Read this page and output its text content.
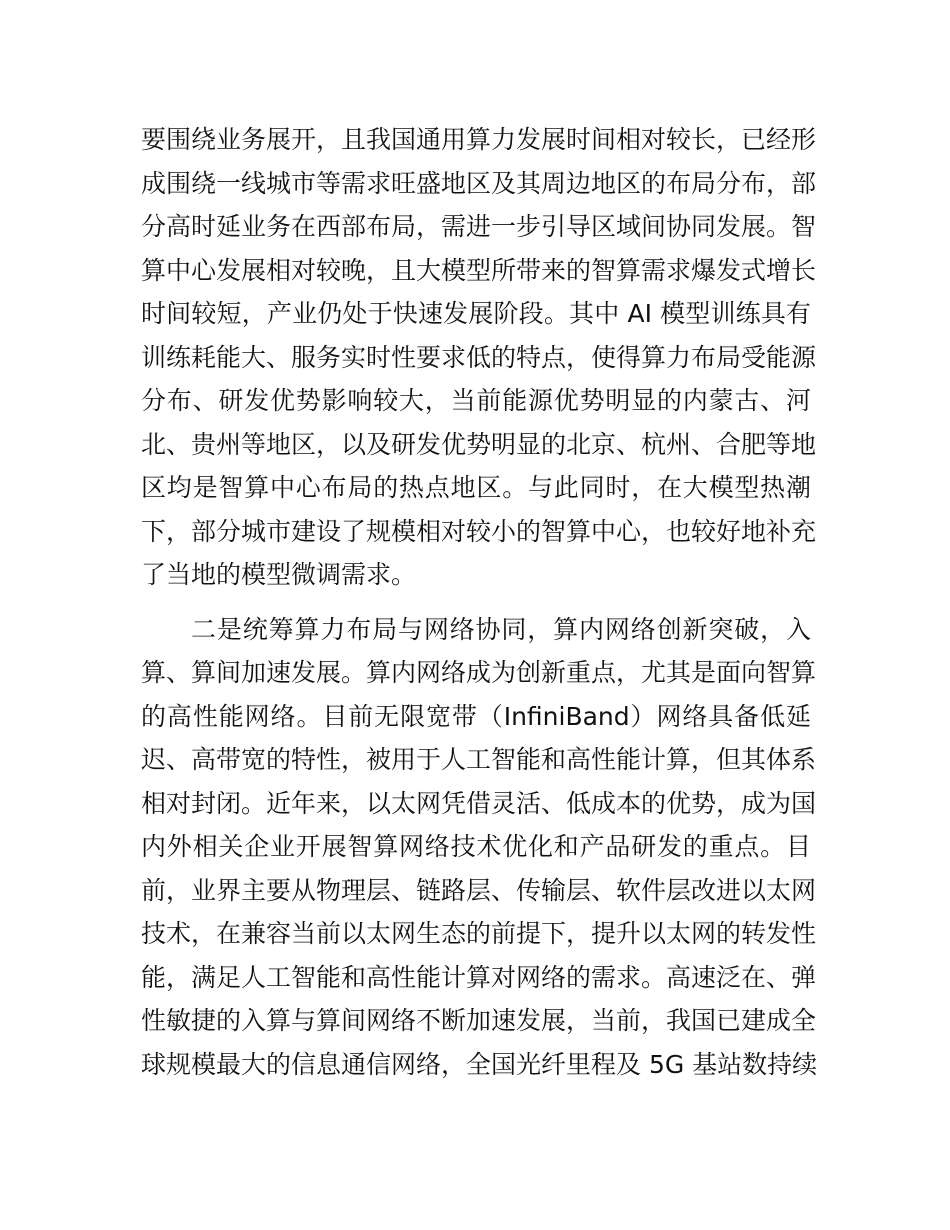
要围绕业务展开，且我国通用算力发展时间相对较长，已经形
成围绕一线城市等需求旺盛地区及其周边地区的布局分布，部
分高时延业务在西部布局，需进一步引导区域间协同发展。智
算中心发展相对较晚，且大模型所带来的智算需求爆发式增长
时间较短，产业仍处于快速发展阶段。其中 AI 模型训练具有
训练耗能大、服务实时性要求低的特点，使得算力布局受能源
分布、研发优势影响较大，当前能源优势明显的内蒙古、河
北、贵州等地区，以及研发优势明显的北京、杭州、合肥等地
区均是智算中心布局的热点地区。与此同时，在大模型热潮
下，部分城市建设了规模相对较小的智算中心，也较好地补充
了当地的模型微调需求。
二是统筹算力布局与网络协同，算内网络创新突破，入
算、算间加速发展。算内网络成为创新重点，尤其是面向智算
的高性能网络。目前无限宽带（InfiniBand）网络具备低延
迟、高带宽的特性，被用于人工智能和高性能计算，但其体系
相对封闭。近年来，以太网凭借灵活、低成本的优势，成为国
内外相关企业开展智算网络技术优化和产品研发的重点。目
前，业界主要从物理层、链路层、传输层、软件层改进以太网
技术，在兼容当前以太网生态的前提下，提升以太网的转发性
能，满足人工智能和高性能计算对网络的需求。高速泛在、弹
性敏捷的入算与算间网络不断加速发展，当前，我国已建成全
球规模最大的信息通信网络，全国光纤里程及 5G 基站数持续
